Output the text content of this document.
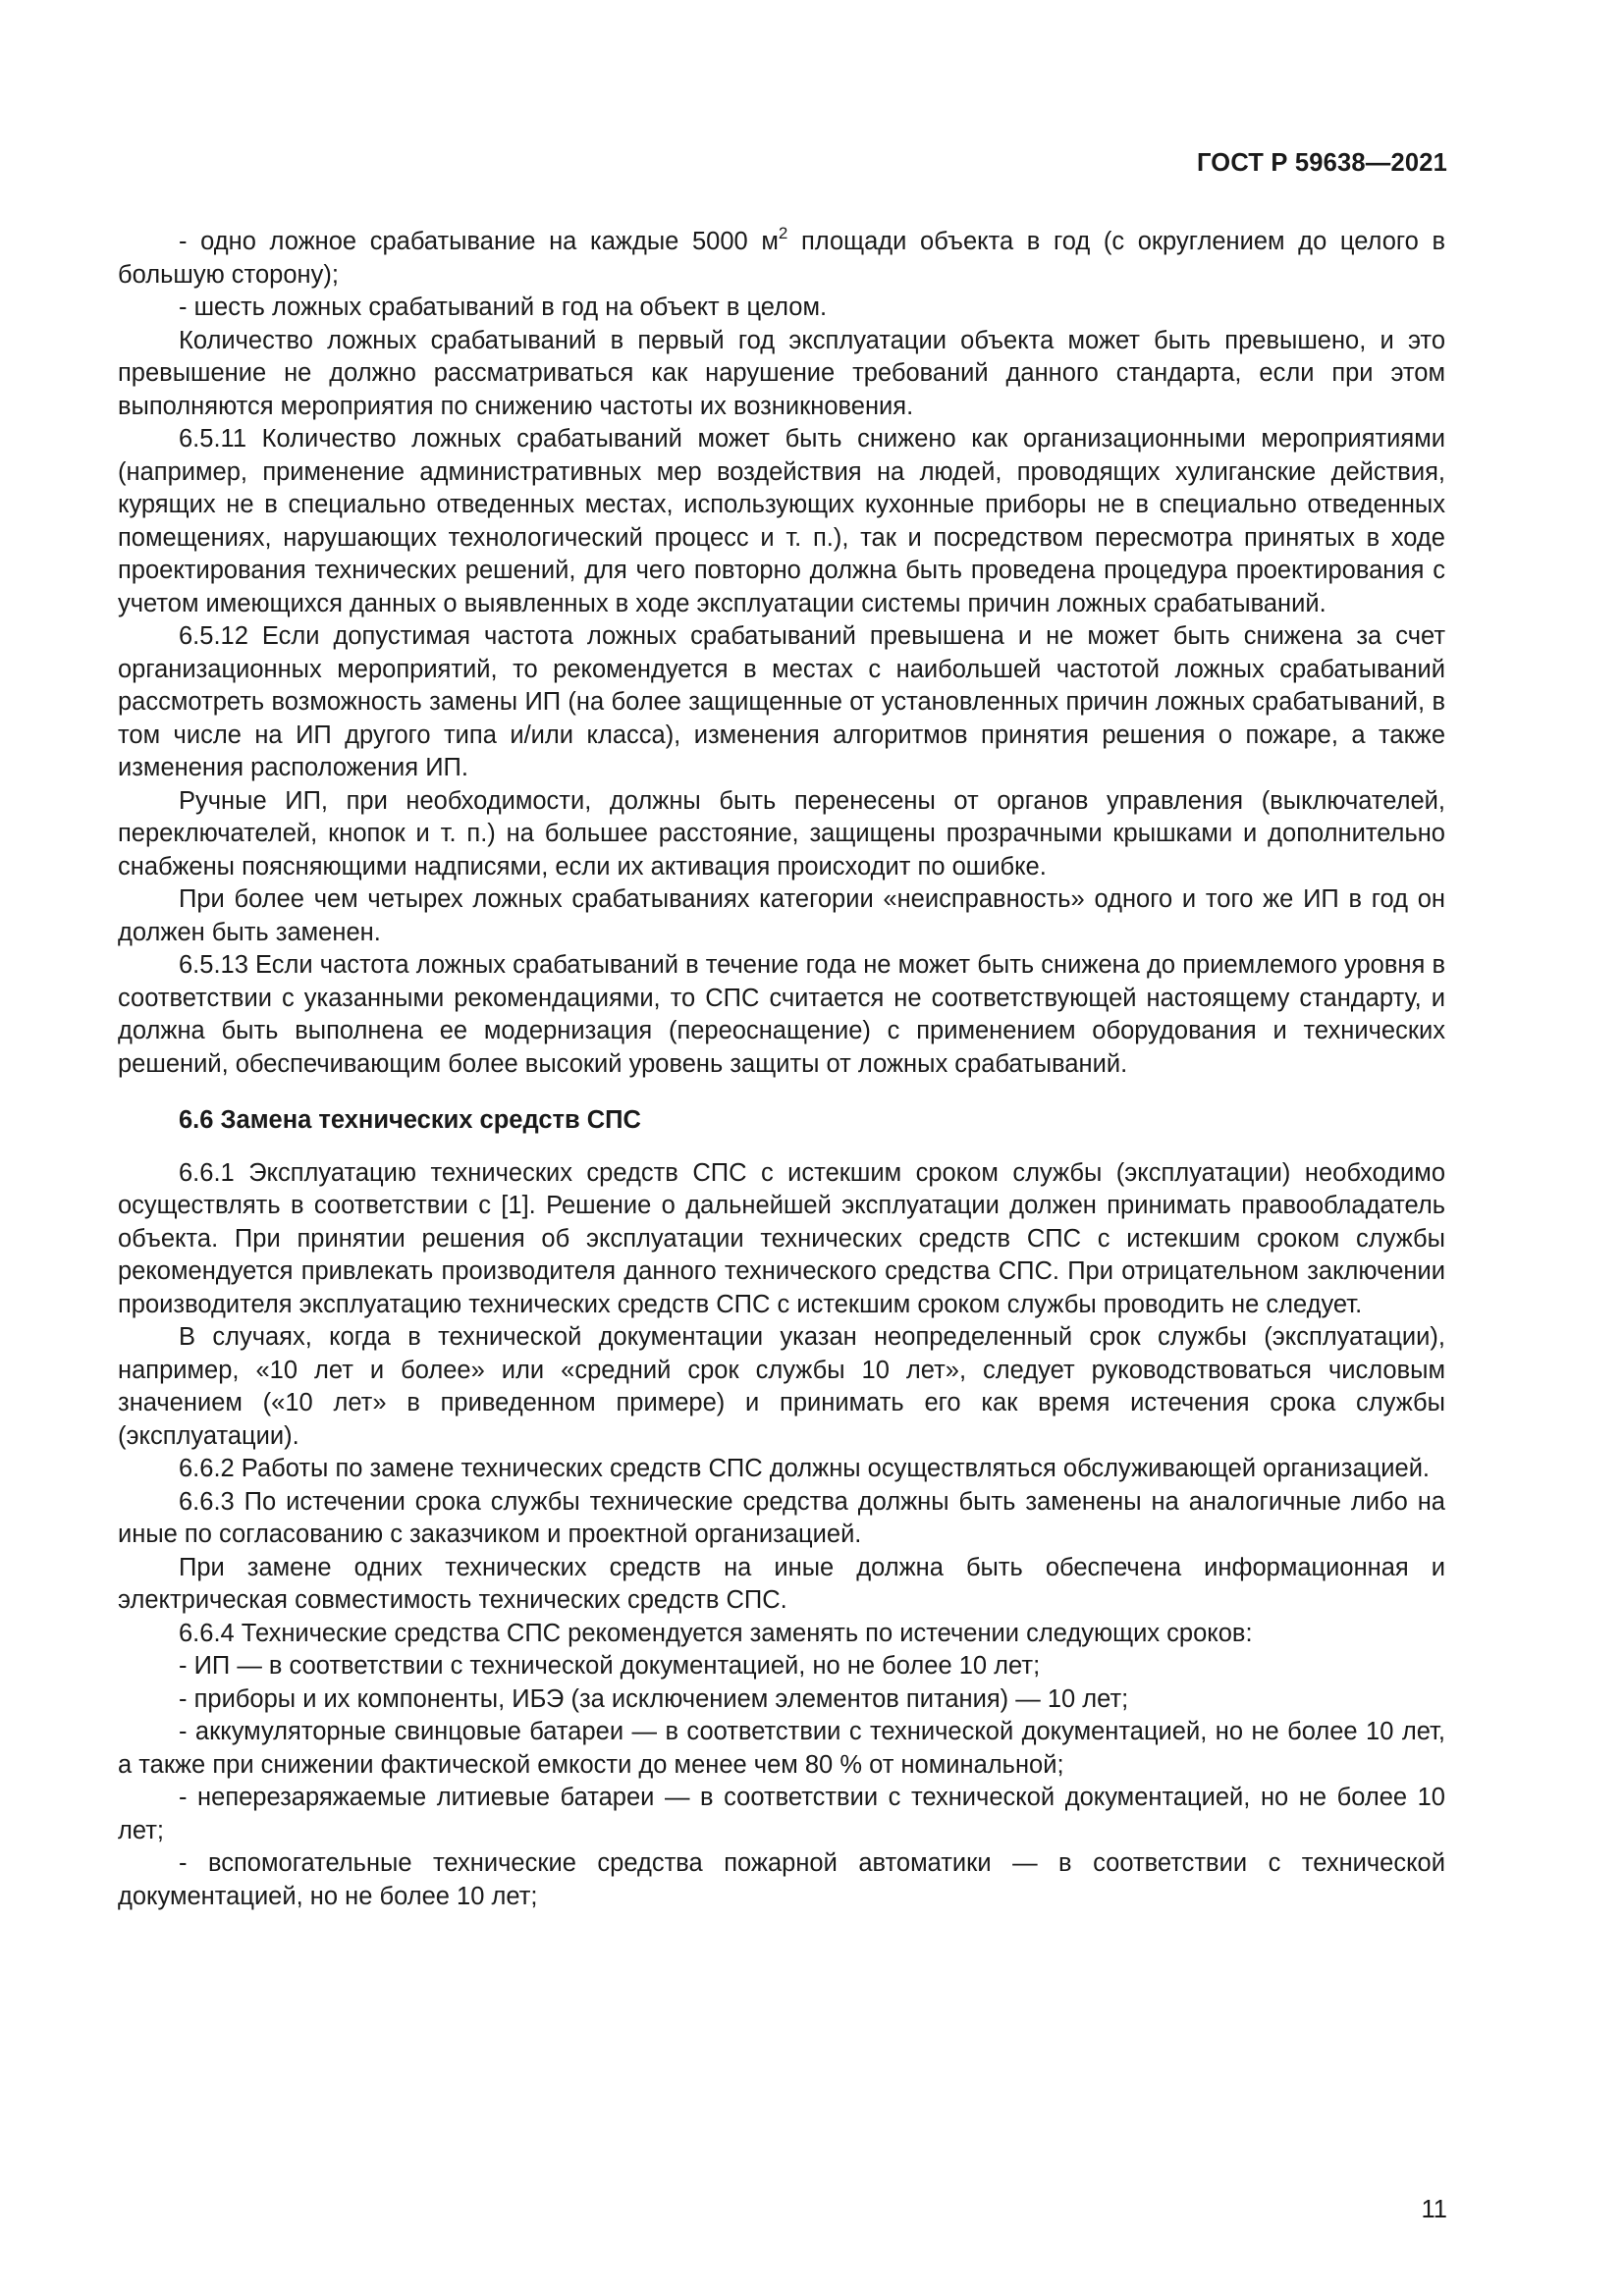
ГОСТ Р 59638—2021

- одно ложное срабатывание на каждые 5000 $м^2$ площади объекта в год (с округлением до целого в большую сторону);

- шесть ложных срабатываний в год на объект в целом.

Количество ложных срабатываний в первый год эксплуатации объекта может быть превышено, и это превышение не должно рассматриваться как нарушение требований данного стандарта, если при этом выполняются мероприятия по снижению частоты их возникновения.

6.5.11 Количество ложных срабатываний может быть снижено как организационными мероприятиями (например, применение административных мер воздействия на людей, проводящих хулиганские действия, курящих не в специально отведенных местах, использующих кухонные приборы не в специально отведенных помещениях, нарушающих технологический процесс и т. п.), так и посредством пересмотра принятых в ходе проектирования технических решений, для чего повторно должна быть проведена процедура проектирования с учетом имеющихся данных о выявленных в ходе эксплуатации системы причин ложных срабатываний.

6.5.12 Если допустимая частота ложных срабатываний превышена и не может быть снижена за счет организационных мероприятий, то рекомендуется в местах с наибольшей частотой ложных срабатываний рассмотреть возможность замены ИП (на более защищенные от установленных причин ложных срабатываний, в том числе на ИП другого типа и/или класса), изменения алгоритмов принятия решения о пожаре, а также изменения расположения ИП.

Ручные ИП, при необходимости, должны быть перенесены от органов управления (выключателей, переключателей, кнопок и т. п.) на большее расстояние, защищены прозрачными крышками и дополнительно снабжены поясняющими надписями, если их активация происходит по ошибке.

При более чем четырех ложных срабатываниях категории «неисправность» одного и того же ИП в год он должен быть заменен.

6.5.13 Если частота ложных срабатываний в течение года не может быть снижена до приемлемого уровня в соответствии с указанными рекомендациями, то СПС считается не соответствующей настоящему стандарту, и должна быть выполнена ее модернизация (переоснащение) с применением оборудования и технических решений, обеспечивающим более высокий уровень защиты от ложных срабатываний.

6.6 Замена технических средств СПС

6.6.1 Эксплуатацию технических средств СПС с истекшим сроком службы (эксплуатации) необходимо осуществлять в соответствии с [1]. Решение о дальнейшей эксплуатации должен принимать правообладатель объекта. При принятии решения об эксплуатации технических средств СПС с истекшим сроком службы рекомендуется привлекать производителя данного технического средства СПС. При отрицательном заключении производителя эксплуатацию технических средств СПС с истекшим сроком службы проводить не следует.

В случаях, когда в технической документации указан неопределенный срок службы (эксплуатации), например, «10 лет и более» или «средний срок службы 10 лет», следует руководствоваться числовым значением («10 лет» в приведенном примере) и принимать его как время истечения срока службы (эксплуатации).

6.6.2 Работы по замене технических средств СПС должны осуществляться обслуживающей организацией.

6.6.3 По истечении срока службы технические средства должны быть заменены на аналогичные либо на иные по согласованию с заказчиком и проектной организацией.

При замене одних технических средств на иные должна быть обеспечена информационная и электрическая совместимость технических средств СПС.

6.6.4 Технические средства СПС рекомендуется заменять по истечении следующих сроков:

- ИП — в соответствии с технической документацией, но не более 10 лет;

- приборы и их компоненты, ИБЭ (за исключением элементов питания) — 10 лет;

- аккумуляторные свинцовые батареи — в соответствии с технической документацией, но не более 10 лет, а также при снижении фактической емкости до менее чем 80 % от номинальной;

- неперезаряжаемые литиевые батареи — в соответствии с технической документацией, но не более 10 лет;

- вспомогательные технические средства пожарной автоматики — в соответствии с технической документацией, но не более 10 лет;

11
